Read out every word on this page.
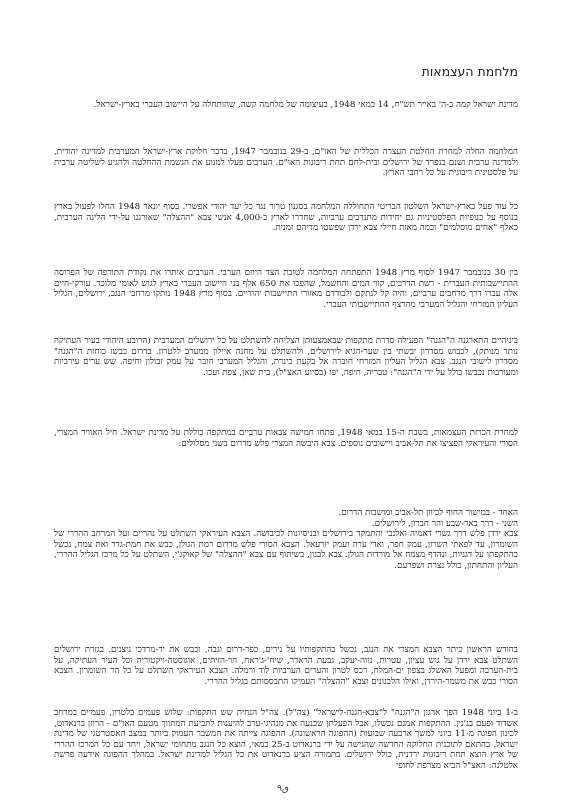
מלחמת העצמאות

מדינת ישראל קמה ב-ה' באייר תש"ח, 14 במאי 1948, בעיצומה של מלחמה קשה, שהותחלה על היישוב העברי בארץ-ישראל.

המלחמה החלה למחרת החלטת העצרה הכללית של האו"ם, ב-29 בנובמבר 1947, בדבר חלוקת ארץ-ישראל המערבית למדינה יהודית, ולמדינה ערבית ושנם בנפרד של ירושלים ובית-לחם תחת ריבונות האו"ם. הערבים פעלו למנוע את הגשמת ההחלטה ולהגיע לשליטה ערבית על פלסטינית ריבונית על כל רחבי הארץ.

כל עוד פעל בארץ-ישראל השלטון הבריטי התחוללה המלחמה בסגנון טרור נגד כל יעד יהודי אפשרי. בסוף יונאר 1948 החלו לפעול בארץ בנוסף על כנופיות הפלסטיניות גם יחידות מתנדבים ערביות, שחדרו לארץ כ-4,000 אנשי צבא "ההצלה" שאורגנו על-ידי הליגה הערבית, כאלף "אחים מוסלמים" וכמה מאות חיילי צבא ירדן שפשטו מדיהם זמנית.

בין 30 בנובמבר 1947 לסוף מרץ 1948 התפתחה המלחמה לטובת הצד היוזם הערבי. הערבים איתרו את נקודת התורפה של הפרוסה ההתיישבותית העברית - רשת הדרכים, קווי המים והחשמל, שהפכו את 650 אלף בני היישוב העברי בארץ לגוש לאומי מלוכד. עורקי-חיים אלה עברו דרך מרחבים ערביים, והיה קל לנתקם ולבודדם מאזורי התיישבות יהודיים. בסוף מרץ 1948 נותקו מרחבי הנגב, ירושלים, הגליל העליון המזרחי והגליל המערבי מהרצף ההתיישבותי העברי.

ביניהיים התארגנה ה"הגנה" הפעילה סדרת מתקפות שבאמצעותן הצליחה להשתלט על כל ירושלים המערבית (הרובע היהודי בעיר העתיקה נותר מנותק), לכבוש מסדרון יבשתי בין שער-הגיא לירושלים, ולהשתלט על מחנה איילון ממערב ללטרון. בדרום כבשו כוחות ה"הגנה" מסדרון לישובי הנגב. צבא הגליל העליון המזרחי חוברה אל בקעת כינרת, והגליל המערבי חובר על עמק זבולון וחיפה. שש ערים עירביות ומעורבות נכבשו כולל על ידי ה"הגנה": טבריה, חיפה, יפו (בסיוע האצ"ל), בית שאן, צפת ועכו.

למחרת הכרזת העצמאות, בשבת ה-15 במאי 1948, פתחו חמישה צבאות ערביים במתקפה כוללת על מדינת ישראל. חיל האוויר המצרי, הסורי והעיראקי הפציצו את תל-אביב ויישובים נוספים. צבא היבשה המצרי פלש מדרום בשני מסלולים:

האחד - במישור החוף לכיוון תל-אביב ומושבות הדרום.
השני - דרך באר-שבע והר חברון, לירושלים.
צבא ירדן פלש דרך גשרי דאמיה ואלנבי והתמקד בירושלים ובניסיונות לכיבושה. הצבא העיראקי השתלט על נהריים ועל המרחב ההררי של השומרון, עד לפאתי השרון, עמק חפר, ואדי ערה ועמק יזרעאל. הצבא הסורי פלש מדרום רמת הגולן, כבש את חמת-גדר ואת צמח, נכשל בהתקפתו על דגניות, ונהדף מצמח אל מורדות הגולן. צבא לבנון, בשיתוף עם צבא "ההצלה" של קאוקג'י, השתלט על כל מרכז הגליל ההררי, העליון והתחתון, כולל נצרת ושפרעם.

בחודש הראשון כיתר הצבא המצרי את הנגב, נכשל בהתקפותיו על נירים, כפר-דרום וגבה, וכבש את יד-מרדכי ניצנים. בגזרת ירושלים השתלט צבא ירדן על גוש עציון, עטרות, נווה-יעקב, גבעת הראדר, שיח'-ג'ראח, הר-הזיתים, אוגוסטה-ויקטוריה וכל העיר העתיקה, על בית-הערבה ומפעל האשלג בצפון ים-המלח, רכס לטרון והערים הערביות לוד ורמלה. הצבא העיראקי השתלט על כל הר השומרון. הצבא הסורי כבש את משמר-הירדן, ואילו הלבנונים וצבא "ההצלה" העמיקו התבססותם בגליל ההררי.

ב-1 ביוני 1948 הפך ארגון ה"הגנה" ל"צבא-הגנה-לישראל" (צה"ל). צה"ל הנחית שש התקפות: שלוש פעמים בלטרון, פעמיים במרחב אשדוד ופעם בג'נין. ההתקפות אמנם נכשלו, אבל הפעלתן שכנעה את מנהיגי-ערב להיענות לתביעת המתווך מטעם האו"ם - הרוזן ברנאדוט, לכינון הפוגה מ-11 ביוני למשך ארבעה שבועות (ההפוגה הראשונה). ההפוגה צייתה את המשבר העמוק ביותר במצב האסטרטגי של מדינת ישראל. בהתאם לתוכנית החלוקה החדשה שהגישה על ידי ברנאדוט ב-25 במאי, הוצא כל הנגב מתחומי ישראל, ויחד עם כל המרכז ההררי של ארץ הוצא תחת ריבונות ירדנית, כולל ירושלים. בתמורה הציע ברנאדוט את כל הגליל למדינת ישראל. במהלך ההפוגה אידעה פרשת אלטלנה: האצ"ל הביא מצרפת לחופי

ٯ٩
